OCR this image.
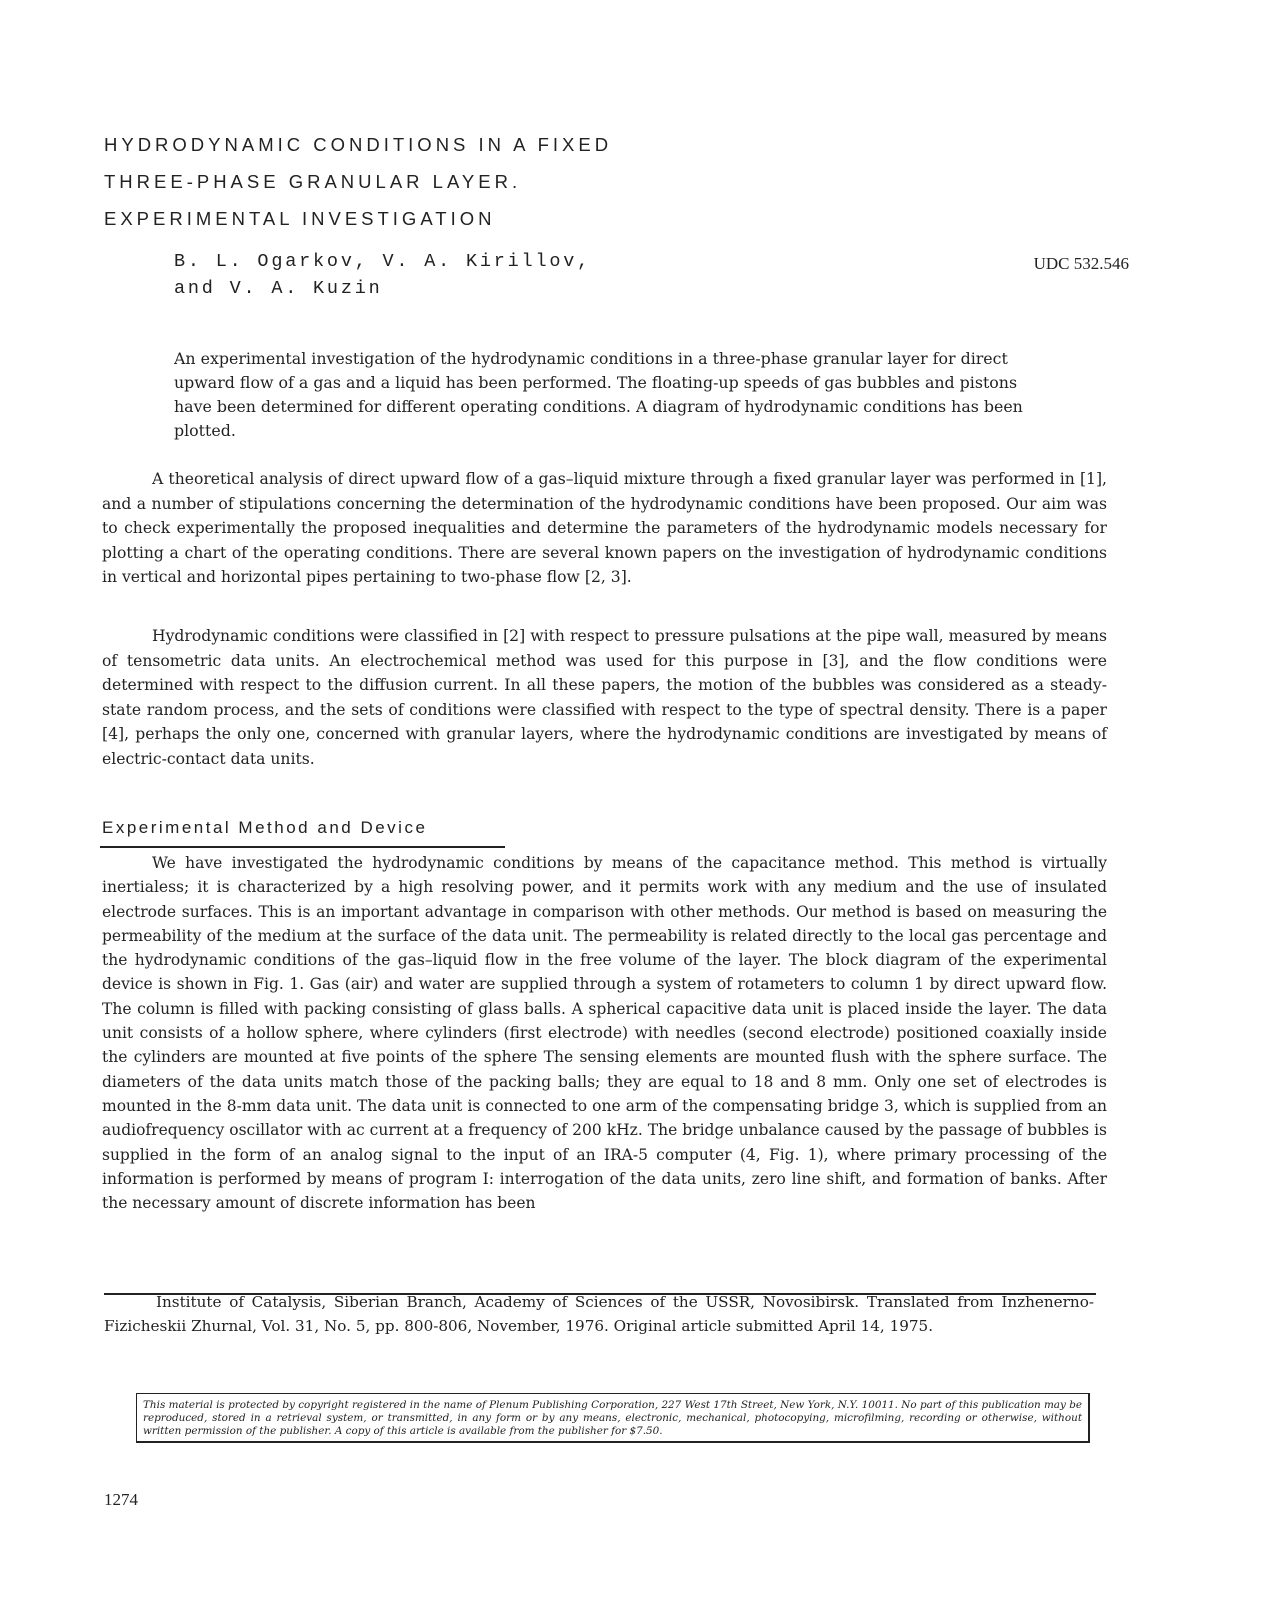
HYDRODYNAMIC CONDITIONS IN A FIXED
THREE-PHASE GRANULAR LAYER.
EXPERIMENTAL INVESTIGATION
B. L. Ogarkov, V. A. Kirillov,
and V. A. Kuzin
UDC 532.546

An experimental investigation of the hydrodynamic conditions in a three-phase granular layer for direct upward flow of a gas and a liquid has been performed. The floating-up speeds of gas bubbles and pistons have been determined for different operating conditions. A diagram of hydrodynamic conditions has been plotted.

A theoretical analysis of direct upward flow of a gas–liquid mixture through a fixed granular layer was performed in [1], and a number of stipulations concerning the determination of the hydrodynamic conditions have been proposed. Our aim was to check experimentally the proposed inequalities and determine the parameters of the hydrodynamic models necessary for plotting a chart of the operating conditions. There are several known papers on the investigation of hydrodynamic conditions in vertical and horizontal pipes pertaining to two-phase flow [2, 3].

Hydrodynamic conditions were classified in [2] with respect to pressure pulsations at the pipe wall, measured by means of tensometric data units. An electrochemical method was used for this purpose in [3], and the flow conditions were determined with respect to the diffusion current. In all these papers, the motion of the bubbles was considered as a steady-state random process, and the sets of conditions were classified with respect to the type of spectral density. There is a paper [4], perhaps the only one, concerned with granular layers, where the hydrodynamic conditions are investigated by means of electric-contact data units.

Experimental Method and Device

We have investigated the hydrodynamic conditions by means of the capacitance method. This method is virtually inertialess; it is characterized by a high resolving power, and it permits work with any medium and the use of insulated electrode surfaces. This is an important advantage in comparison with other methods. Our method is based on measuring the permeability of the medium at the surface of the data unit. The permeability is related directly to the local gas percentage and the hydrodynamic conditions of the gas–liquid flow in the free volume of the layer. The block diagram of the experimental device is shown in Fig. 1. Gas (air) and water are supplied through a system of rotameters to column 1 by direct upward flow. The column is filled with packing consisting of glass balls. A spherical capacitive data unit is placed inside the layer. The data unit consists of a hollow sphere, where cylinders (first electrode) with needles (second electrode) positioned coaxially inside the cylinders are mounted at five points of the sphere The sensing elements are mounted flush with the sphere surface. The diameters of the data units match those of the packing balls; they are equal to 18 and 8 mm. Only one set of electrodes is mounted in the 8-mm data unit. The data unit is connected to one arm of the compensating bridge 3, which is supplied from an audiofrequency oscillator with ac current at a frequency of 200 kHz. The bridge unbalance caused by the passage of bubbles is supplied in the form of an analog signal to the input of an IRA-5 computer (4, Fig. 1), where primary processing of the information is performed by means of program I: interrogation of the data units, zero line shift, and formation of banks. After the necessary amount of discrete information has been

Institute of Catalysis, Siberian Branch, Academy of Sciences of the USSR, Novosibirsk. Translated from Inzhenerno-Fizicheskii Zhurnal, Vol. 31, No. 5, pp. 800-806, November, 1976. Original article submitted April 14, 1975.

This material is protected by copyright registered in the name of Plenum Publishing Corporation, 227 West 17th Street, New York, N.Y. 10011. No part of this publication may be reproduced, stored in a retrieval system, or transmitted, in any form or by any means, electronic, mechanical, photocopying, microfilming, recording or otherwise, without written permission of the publisher. A copy of this article is available from the publisher for $7.50.

1274
